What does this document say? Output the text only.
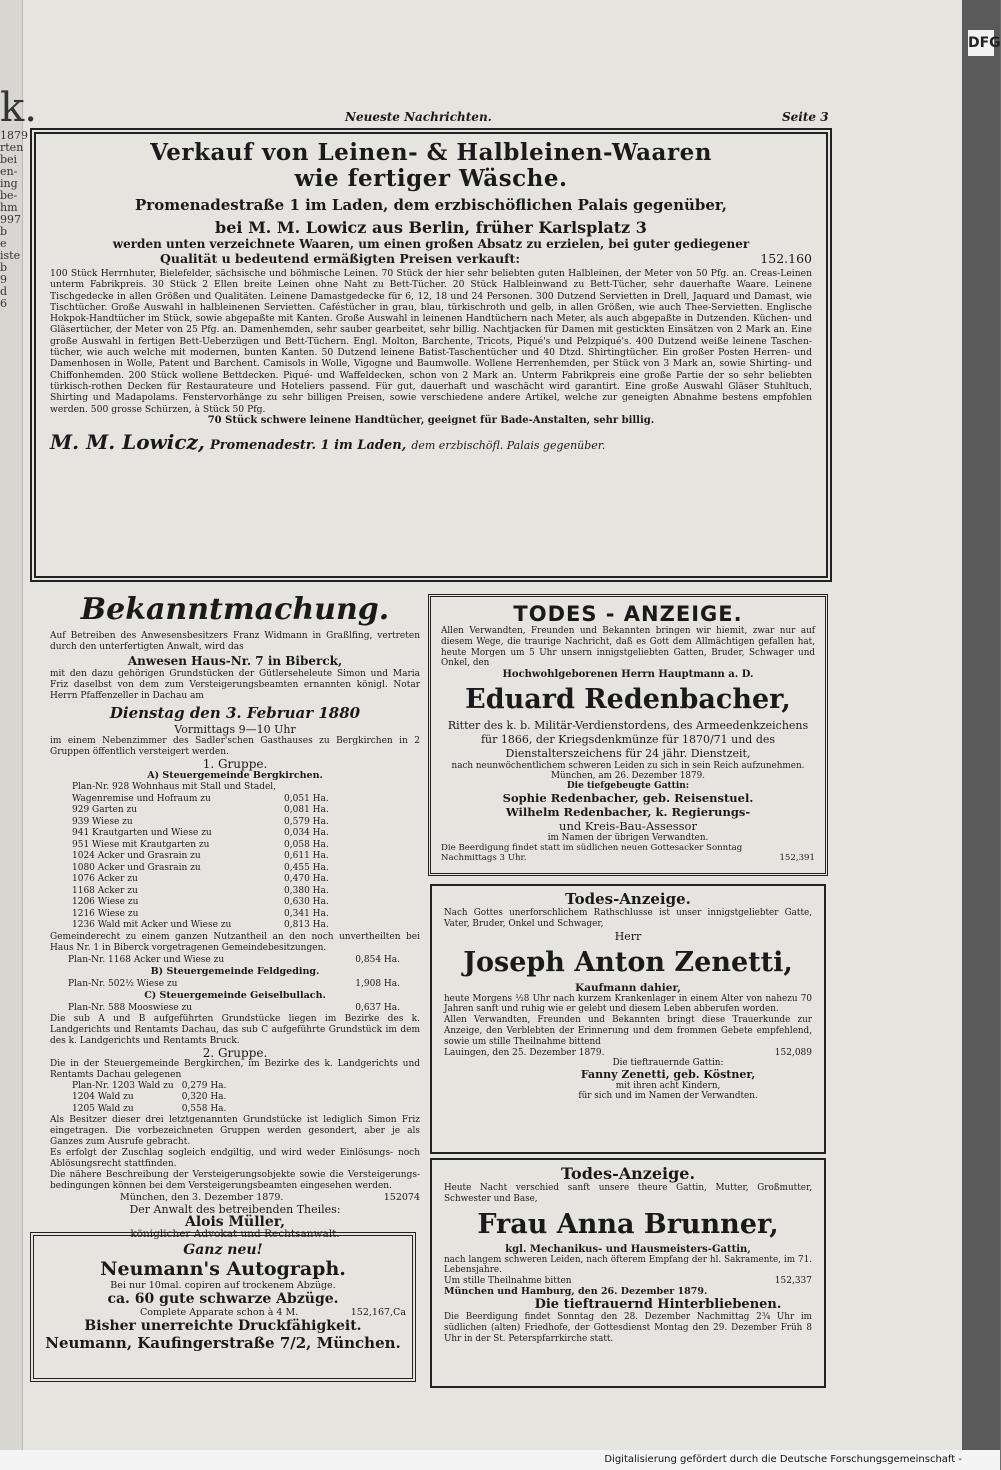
k.
1879
rten
bei
en-
ing
be-
hm
997
b
e
iste
b
9
d
6
DFG
Neueste Nachrichten.	Seite 3
Verkauf von Leinen- & Halbleinen-Waaren
wie fertiger Wäsche.
Promenadestraße 1 im Laden, dem erzbischöflichen Palais gegenüber,
bei M. M. Lowicz aus Berlin, früher Karlsplatz 3
werden unten verzeichnete Waaren, um einen großen Absatz zu erzielen, bei guter gediegener
Qualität u bedeutend ermäßigten Preisen verkauft:	152.160
100 Stück Herrnhuter, Bielefelder, sächsische und böhmische Leinen. 70 Stück der hier sehr beliebten guten Halbleinen, der Meter von 50 Pfg. an. Creas-Leinen unterm Fabrikpreis. 30 Stück 2 Ellen breite Leinen ohne Naht zu Bett-Tücher. 20 Stück Halbleinwand zu Bett-Tücher, sehr dauerhafte Waare. Leinene Tischgedecke in allen Größen und Qualitäten. Leinene Damastgedecke für 6, 12, 18 und 24 Personen. 300 Dutzend Servietten in Drell, Jaquard und Damast, wie Tischtücher. Große Auswahl in halbleinenen Servietten. Caféstücher in grau, blau, türkischroth und gelb, in allen Größen, wie auch Thee-Servietten. Englische Hokpok-Handtücher im Stück, sowie abgepaßte mit Kanten. Große Auswahl in leinenen Handtüchern nach Meter, als auch abgepaßte in Dutzenden. Küchen- und Gläsertücher, der Meter von 25 Pfg. an. Damenhemden, sehr sauber gearbeitet, sehr billig. Nachtjacken für Damen mit gestickten Einsätzen von 2 Mark an. Eine große Auswahl in fertigen Bett-Ueberzügen und Bett-Tüchern. Engl. Molton, Barchente, Tricots, Piqué's und Pelzpiqué's. 400 Dutzend weiße leinene Taschen-tücher, wie auch welche mit modernen, bunten Kanten. 50 Dutzend leinene Batist-Taschentücher und 40 Dtzd. Shirtingtücher. Ein großer Posten Herren- und Damenhosen in Wolle, Patent und Barchent. Camisols in Wolle, Vigogne und Baumwolle. Wollene Herrenhemden, per Stück von 3 Mark an, sowie Shirting- und Chiffonhemden. 200 Stück wollene Bettdecken. Piqué- und Waffeldecken, schon von 2 Mark an. Unterm Fabrikpreis eine große Partie der so sehr beliebten türkisch-rothen Decken für Restaurateure und Hoteliers passend. Für gut, dauerhaft und waschächt wird garantirt. Eine große Auswahl Gläser Stuhltuch, Shirting und Madapolams. Fenstervorhänge zu sehr billigen Preisen, sowie verschiedene andere Artikel, welche zur geneigten Abnahme bestens empfohlen werden. 500 grosse Schürzen, à Stück 50 Pfg.
70 Stück schwere leinene Handtücher, geeignet für Bade-Anstalten, sehr billig.
M. M. Lowicz, Promenadestr. 1 im Laden, dem erzbischöfl. Palais gegenüber.
Bekanntmachung.
Auf Betreiben des Anwesensbesitzers Franz Widmann in Graßlfing, vertreten durch den unterfertigten Anwalt, wird das
Anwesen Haus-Nr. 7 in Biberck,
mit den dazu gehörigen Grundstücken der Gütlerseheleute Simon und Maria Friz daselbst von dem zum Versteigerungsbeamten ernannten königl. Notar Herrn Pfaffenzeller in Dachau am
Dienstag den 3. Februar 1880
Vormittags 9—10 Uhr
im einem Nebenzimmer des Sadler'schen Gasthauses zu Bergkirchen in 2 Gruppen öffentlich versteigert werden.
1. Gruppe.
A) Steuergemeinde Bergkirchen.
Plan-Nr. 928 Wohnhaus mit Stall und Stadel,	
Wagenremise und Hofraum zu	0,051 Ha.
929 Garten zu	0,081 Ha.
939 Wiese zu	0,579 Ha.
941 Krautgarten und Wiese zu	0,034 Ha.
951 Wiese mit Krautgarten zu	0,058 Ha.
1024 Acker und Grasrain zu	0,611 Ha.
1080 Acker und Grasrain zu	0,455 Ha.
1076 Acker zu	0,470 Ha.
1168 Acker zu	0,380 Ha.
1206 Wiese zu	0,630 Ha.
1216 Wiese zu	0,341 Ha.
1236 Wald mit Acker und Wiese zu	0,813 Ha.
Gemeinderecht zu einem ganzen Nutzantheil an den noch unvertheilten bei Haus Nr. 1 in Biberck vorgetragenen Gemeindebesitzungen.
Plan-Nr. 1168 Acker und Wiese zu	0,854 Ha.
B) Steuergemeinde Feldgeding.
Plan-Nr. 502½ Wiese zu	1,908 Ha.
C) Steuergemeinde Geiselbullach.
Plan-Nr. 588 Mooswiese zu	0,637 Ha.
Die sub A und B aufgeführten Grundstücke liegen im Bezirke des k. Landgerichts und Rentamts Dachau, das sub C aufgeführte Grundstück im dem des k. Landgerichts und Rentamts Bruck.
2. Gruppe.
Die in der Steuergemeinde Bergkirchen, im Bezirke des k. Landgerichts und Rentamts Dachau gelegenen
Plan-Nr. 1203 Wald zu	0,279 Ha.
1204 Wald zu	0,320 Ha.
1205 Wald zu	0,558 Ha.
Als Besitzer dieser drei letztgenannten Grundstücke ist lediglich Simon Friz eingetragen. Die vorbezeichneten Gruppen werden gesondert, aber je als Ganzes zum Ausrufe gebracht.
Es erfolgt der Zuschlag sogleich endgiltig, und wird weder Einlösungs- noch Ablösungsrecht stattfinden.
Die nähere Beschreibung der Versteigerungsobjekte sowie die Versteigerungs-bedingungen können bei dem Versteigerungsbeamten eingesehen werden.
München, den 3. Dezember 1879.	152074
Der Anwalt des betreibenden Theiles:
Alois Müller,
königlicher Advokat und Rechtsanwalt.
Ganz neu!
Neumann's Autograph.
Bei nur 10mal. copiren auf trockenem Abzüge.
ca. 60 gute schwarze Abzüge.
Complete Apparate schon à 4 M.	152,167,Ca
Bisher unerreichte Druckfähigkeit.
Neumann, Kaufingerstraße 7/2, München.
TODES - ANZEIGE.
Allen Verwandten, Freunden und Bekannten bringen wir hiemit, zwar nur auf diesem Wege, die traurige Nachricht, daß es Gott dem Allmächtigen gefallen hat, heute Morgen um 5 Uhr unsern innigstgeliebten Gatten, Bruder, Schwager und Onkel, den
Hochwohlgeborenen Herrn Hauptmann a. D.
Eduard Redenbacher,
Ritter des k. b. Militär-Verdienstordens, des Armeedenkzeichens für 1866, der Kriegsdenkmünze für 1870/71 und des Dienstalterszeichens für 24 jähr. Dienstzeit,
nach neunwöchentlichem schweren Leiden zu sich in sein Reich aufzunehmen.
München, am 26. Dezember 1879.
Die tiefgebeugte Gattin:
Sophie Redenbacher, geb. Reisenstuel.
Wilhelm Redenbacher, k. Regierungs-
und Kreis-Bau-Assessor
im Namen der übrigen Verwandten.
Die Beerdigung findet statt im südlichen neuen Gottesacker Sonntag Nachmittags 3 Uhr.	152,391
Todes-Anzeige.
Nach Gottes unerforschlichem Rathschlusse ist unser innigstgeliebter Gatte, Vater, Bruder, Onkel und Schwager,
Herr
Joseph Anton Zenetti,
Kaufmann dahier,
heute Morgens ½8 Uhr nach kurzem Krankenlager in einem Alter von nahezu 70 Jahren sanft und ruhig wie er gelebt und diesem Leben abberufen worden.
Allen Verwandten, Freunden und Bekannten bringt diese Trauerkunde zur Anzeige, den Verblebten der Erinnerung und dem frommen Gebete empfehlend, sowie um stille Theilnahme bittend
Lauingen, den 25. Dezember 1879.	152,089
Die tieftrauernde Gattin:
Fanny Zenetti, geb. Köstner,
mit ihren acht Kindern,
für sich und im Namen der Verwandten.
Todes-Anzeige.
Heute Nacht verschied sanft unsere theure Gattin, Mutter, Großmutter, Schwester und Base,
Frau Anna Brunner,
kgl. Mechanikus- und Hausmeisters-Gattin,
nach langem schweren Leiden, nach öfterem Empfang der hl. Sakramente, im 71. Lebensjahre.
Um stille Theilnahme bitten	152,337
München und Hamburg, den 26. Dezember 1879.
Die tieftrauernd Hinterbliebenen.
Die Beerdigung findet Sonntag den 28. Dezember Nachmittag 2¾ Uhr im südlichen (alten) Friedhofe, der Gottesdienst Montag den 29. Dezember Früh 8 Uhr in der St. Peterspfarrkirche statt.
Digitalisierung gefördert durch die Deutsche Forschungsgemeinschaft -
